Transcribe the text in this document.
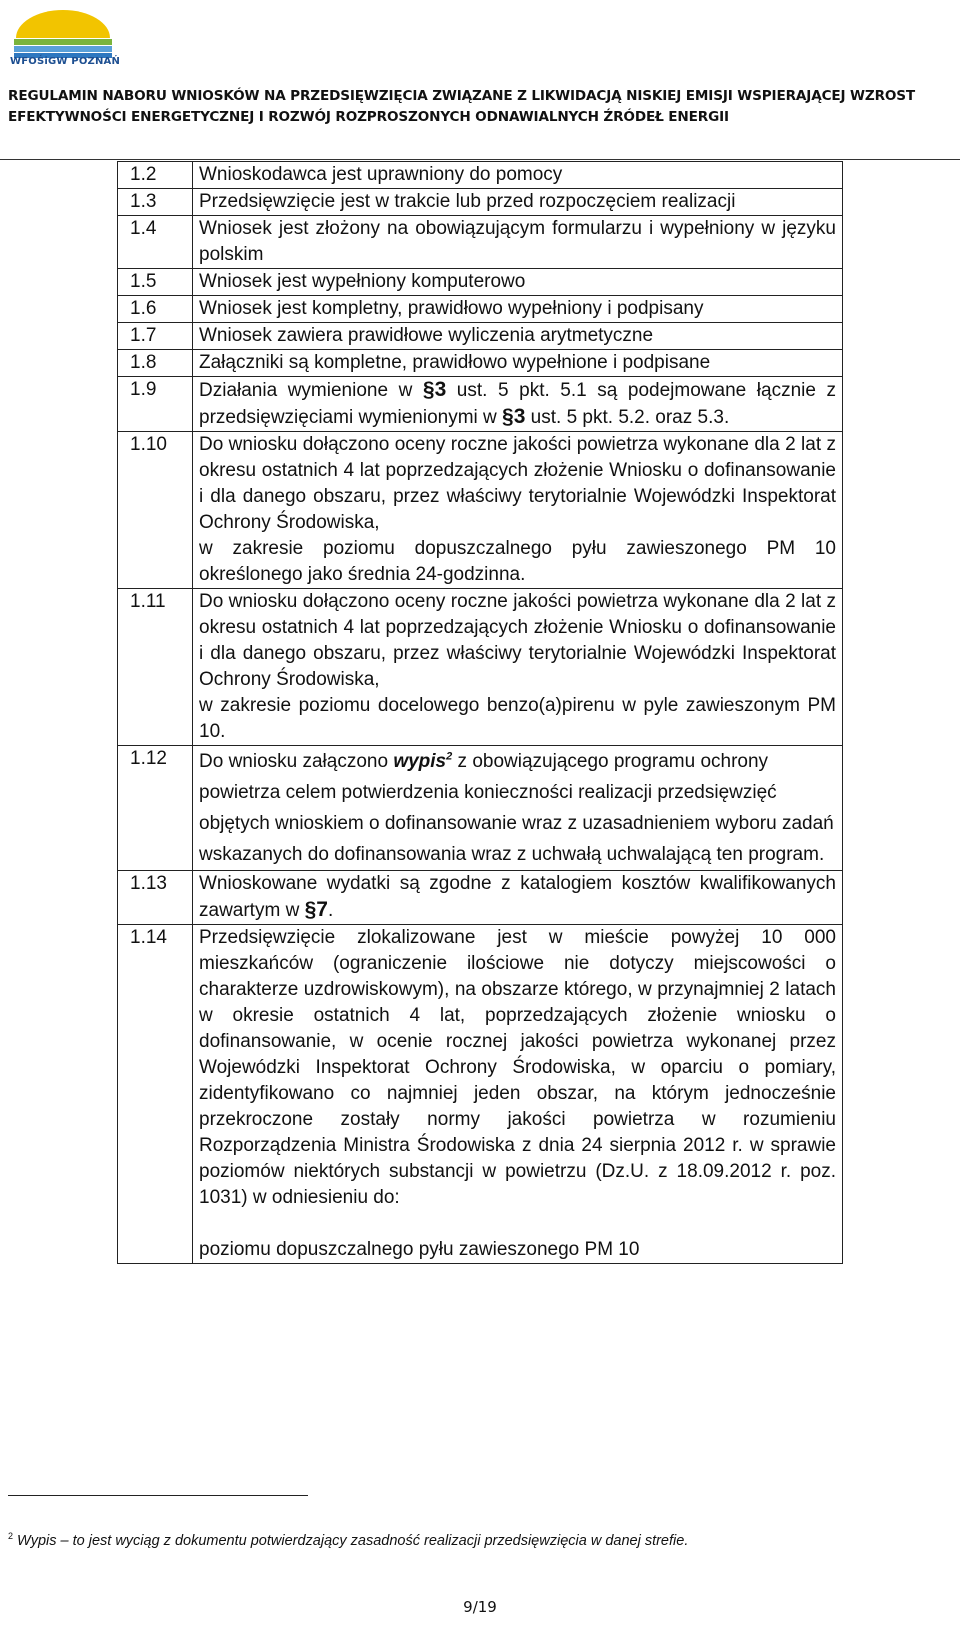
WFOŚiGW POZNAŃ
REGULAMIN NABORU WNIOSKÓW NA PRZEDSIĘWZIĘCIA ZWIĄZANE Z LIKWIDACJĄ NISKIEJ EMISJI WSPIERAJĄCEJ WZROST
EFEKTYWNOŚCI ENERGETYCZNEJ I ROZWÓJ ROZPROSZONYCH ODNAWIALNYCH ŹRÓDEŁ ENERGII
1.2	Wnioskodawca jest uprawniony do pomocy
1.3	Przedsięwzięcie jest w trakcie lub przed rozpoczęciem realizacji
1.4	Wniosek jest złożony na obowiązującym formularzu i wypełniony w języku polskim
1.5	Wniosek jest wypełniony komputerowo
1.6	Wniosek jest kompletny, prawidłowo wypełniony i podpisany
1.7	Wniosek zawiera prawidłowe wyliczenia arytmetyczne
1.8	Załączniki są kompletne, prawidłowo wypełnione i podpisane
1.9	Działania wymienione w §3 ust. 5 pkt. 5.1 są podejmowane łącznie z przedsięwzięciami wymienionymi w §3 ust. 5 pkt. 5.2. oraz 5.3.
1.10	Do wniosku dołączono oceny roczne jakości powietrza wykonane dla 2 lat z okresu ostatnich 4 lat poprzedzających złożenie Wniosku o dofinansowanie i dla danego obszaru, przez właściwy terytorialnie Wojewódzki Inspektorat Ochrony Środowiska,
w zakresie poziomu dopuszczalnego pyłu zawieszonego PM 10 określonego jako średnia 24-godzinna.

1.11	Do wniosku dołączono oceny roczne jakości powietrza wykonane dla 2 lat z okresu ostatnich 4 lat poprzedzających złożenie Wniosku o dofinansowanie i dla danego obszaru, przez właściwy terytorialnie Wojewódzki Inspektorat Ochrony Środowiska,
w zakresie poziomu docelowego benzo(a)pirenu w pyle zawieszonym PM 10.

1.12	Do wniosku załączono wypis$^2$ z obowiązującego programu ochrony powietrza celem potwierdzenia konieczności realizacji przedsięwzięć objętych wnioskiem o dofinansowanie wraz z uzasadnieniem wyboru zadań wskazanych do dofinansowania wraz z uchwałą uchwalającą ten program.
1.13	Wnioskowane wydatki są zgodne z katalogiem kosztów kwalifikowanych zawartym w §7.
1.14	Przedsięwzięcie zlokalizowane jest w mieście powyżej 10 000 mieszkańców (ograniczenie ilościowe nie dotyczy miejscowości o charakterze uzdrowiskowym), na obszarze którego, w przynajmniej 2 latach w okresie ostatnich 4 lat, poprzedzających złożenie wniosku o dofinansowanie, w ocenie rocznej jakości powietrza wykonanej przez Wojewódzki Inspektorat Ochrony Środowiska, w oparciu o pomiary, zidentyfikowano co najmniej jeden obszar, na którym jednocześnie przekroczone zostały normy jakości powietrza w rozumieniu Rozporządzenia Ministra Środowiska z dnia 24 sierpnia 2012 r. w sprawie poziomów niektórych substancji w powietrzu (Dz.U. z 18.09.2012 r. poz. 1031) w odniesieniu do:
poziomu dopuszczalnego pyłu zawieszonego PM 10
$^2$ Wypis – to jest wyciąg z dokumentu potwierdzający zasadność realizacji przedsięwzięcia w danej strefie.
9/19
